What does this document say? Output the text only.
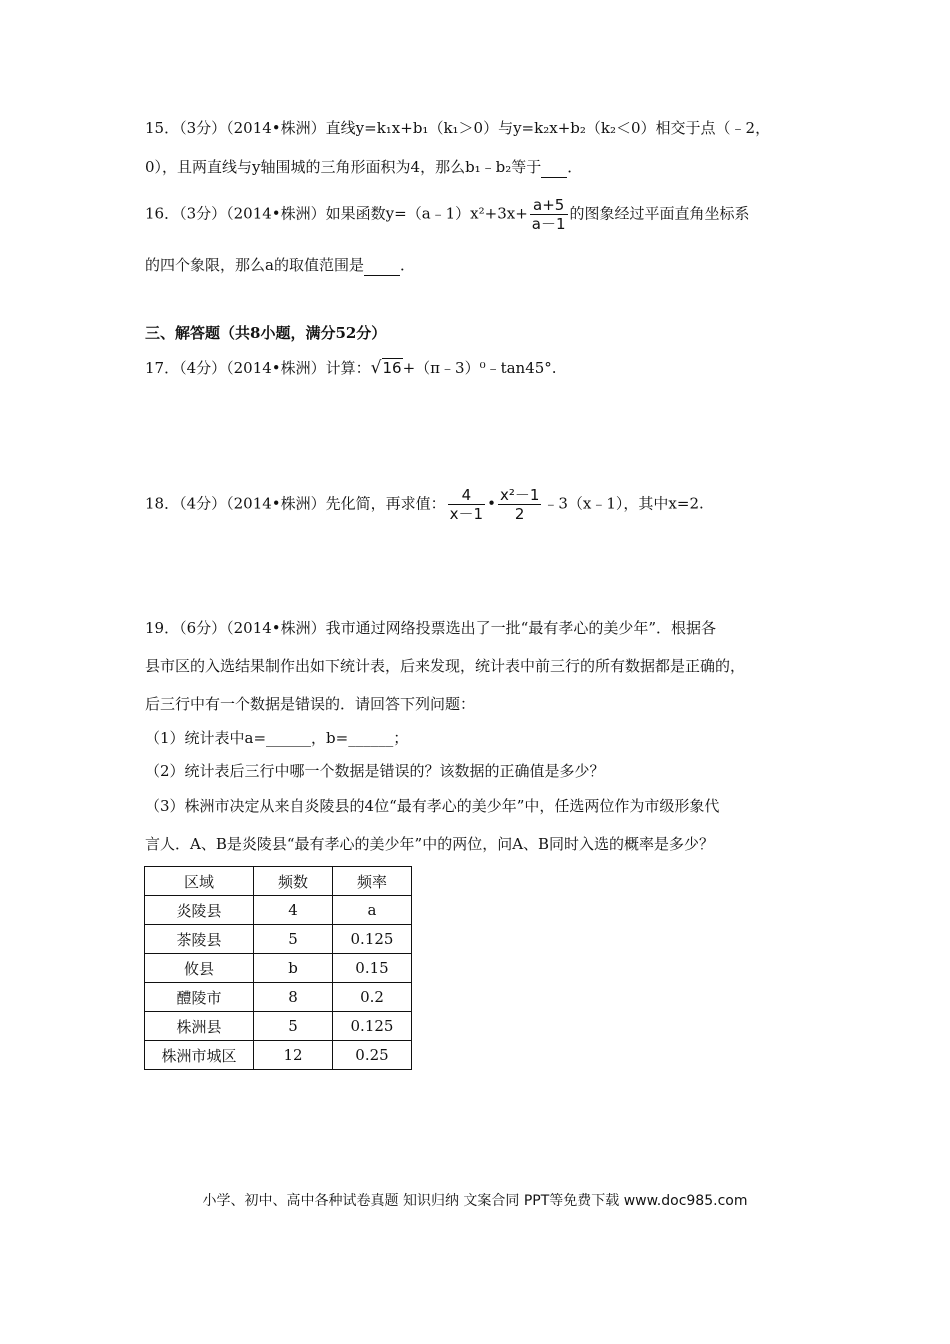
15．（3分）（2014•株洲）直线y=k₁x+b₁（k₁＞0）与y=k₂x+b₂（k₂＜0）相交于点（﹣2，
0），且两直线与y轴围城的三角形面积为4，那么b₁﹣b₂等于 ．
16．（3分）（2014•株洲）如果函数y=（a﹣1）x²+3x+ $\frac{a+5}{a-1}$ 的图象经过平面直角坐标系
的四个象限，那么a的取值范围是 ．
三、解答题（共8小题，满分52分）
17．（4分）（2014•株洲）计算：√16+（π﹣3）⁰﹣tan45°.
18．（4分）（2014•株洲）先化简，再求值： $\frac{4}{x-1}$ • $\frac{\text{x²－1}}{2}$ ﹣3（x﹣1），其中x=2.
19．（6分）（2014•株洲）我市通过网络投票选出了一批“最有孝心的美少年”．根据各
县市区的入选结果制作出如下统计表，后来发现，统计表中前三行的所有数据都是正确的，
后三行中有一个数据是错误的．请回答下列问题：
（1）统计表中a=______，b=______；
（2）统计表后三行中哪一个数据是错误的？该数据的正确值是多少？
（3）株洲市决定从来自炎陵县的4位“最有孝心的美少年”中，任选两位作为市级形象代
言人．A、B是炎陵县“最有孝心的美少年”中的两位，问A、B同时入选的概率是多少？
区域	频数	频率
炎陵县	4	a
茶陵县	5	0.125
攸县	b	0.15
醴陵市	8	0.2
株洲县	5	0.125
株洲市城区	12	0.25
小学、初中、高中各种试卷真题 知识归纳 文案合同 PPT等免费下载 www.doc985.com
